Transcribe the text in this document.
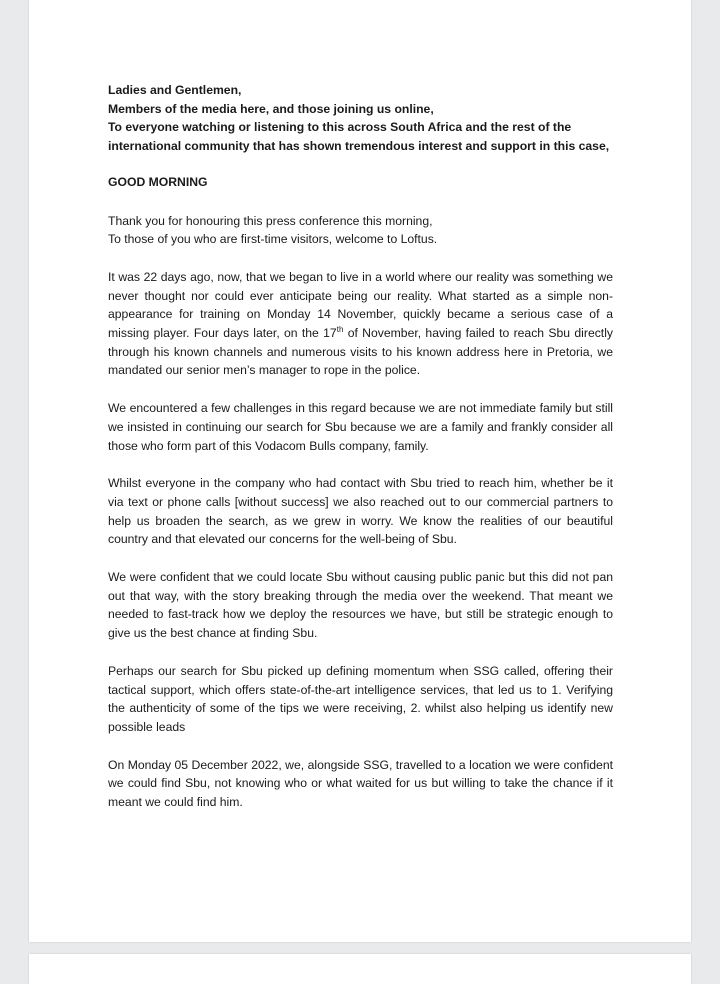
Ladies and Gentlemen,

Members of the media here, and those joining us online,

To everyone watching or listening to this across South Africa and the rest of the international community that has shown tremendous interest and support in this case,

GOOD MORNING

Thank you for honouring this press conference this morning,
To those of you who are first-time visitors, welcome to Loftus.

It was 22 days ago, now, that we began to live in a world where our reality was something we never thought nor could ever anticipate being our reality. What started as a simple non-appearance for training on Monday 14 November, quickly became a serious case of a missing player. Four days later, on the 17th of November, having failed to reach Sbu directly through his known channels and numerous visits to his known address here in Pretoria, we mandated our senior men’s manager to rope in the police.

We encountered a few challenges in this regard because we are not immediate family but still we insisted in continuing our search for Sbu because we are a family and frankly consider all those who form part of this Vodacom Bulls company, family.

Whilst everyone in the company who had contact with Sbu tried to reach him, whether be it via text or phone calls [without success] we also reached out to our commercial partners to help us broaden the search, as we grew in worry. We know the realities of our beautiful country and that elevated our concerns for the well-being of Sbu.

We were confident that we could locate Sbu without causing public panic but this did not pan out that way, with the story breaking through the media over the weekend. That meant we needed to fast-track how we deploy the resources we have, but still be strategic enough to give us the best chance at finding Sbu.

Perhaps our search for Sbu picked up defining momentum when SSG called, offering their tactical support, which offers state-of-the-art intelligence services, that led us to 1. Verifying the authenticity of some of the tips we were receiving, 2. whilst also helping us identify new possible leads

On Monday 05 December 2022, we, alongside SSG, travelled to a location we were confident we could find Sbu, not knowing who or what waited for us but willing to take the chance if it meant we could find him.
